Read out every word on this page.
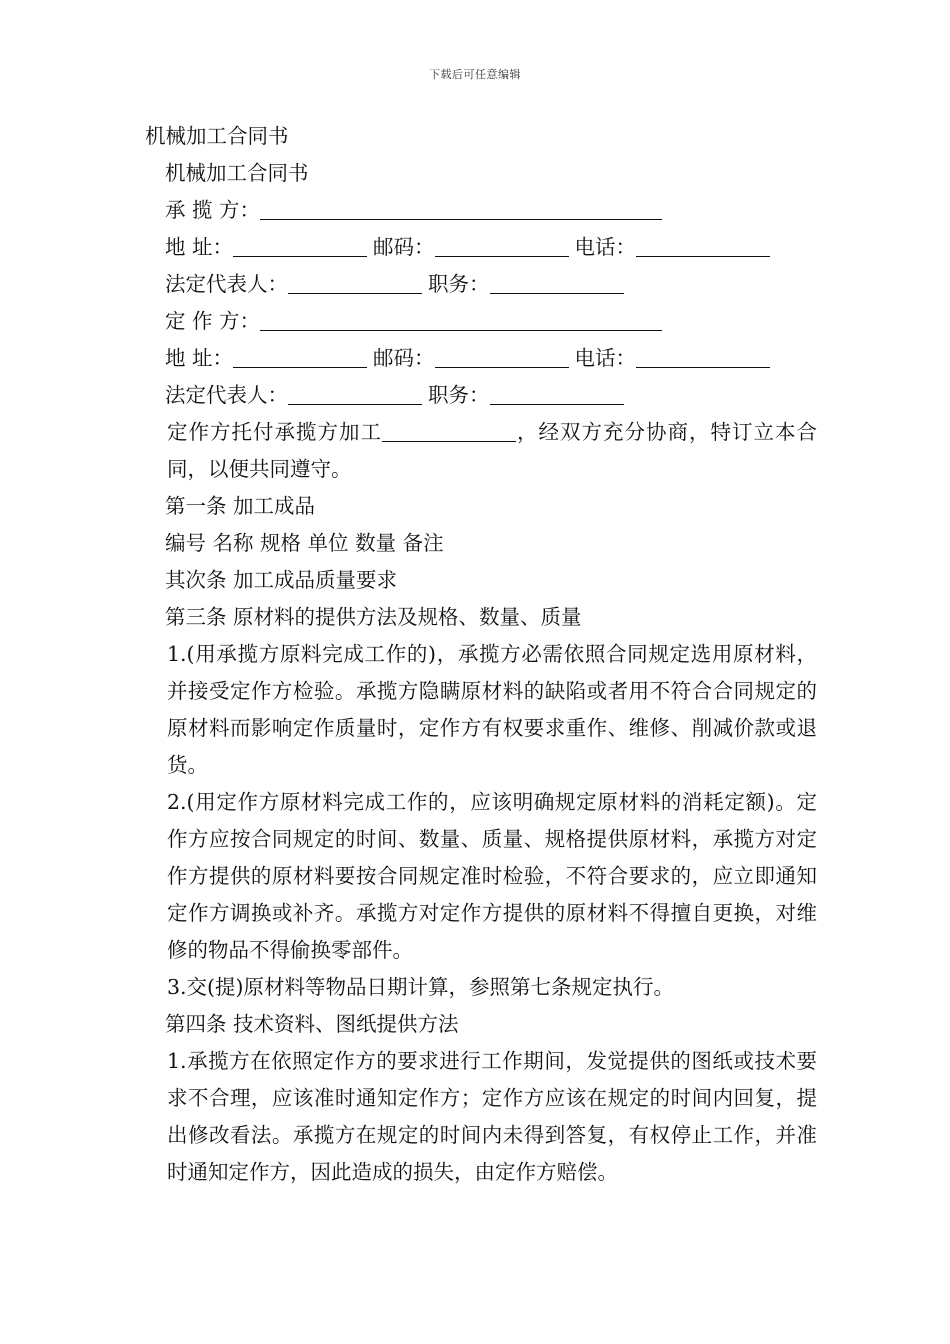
下载后可任意编辑
机械加工合同书
机械加工合同书
承 揽 方：
地 址：	邮码：	电话：
法定代表人：	职务：
定 作 方：
地 址：	邮码：	电话：
法定代表人：	职务：
定作方托付承揽方加工	，经双方充分协商，特订立本合同，以便共同遵守。
第一条 加工成品
编号 名称 规格 单位 数量 备注
其次条 加工成品质量要求
第三条 原材料的提供方法及规格、数量、质量
1.(用承揽方原料完成工作的)，承揽方必需依照合同规定选用原材料，并接受定作方检验。承揽方隐瞒原材料的缺陷或者用不符合合同规定的原材料而影响定作质量时，定作方有权要求重作、维修、削减价款或退货。
2.(用定作方原材料完成工作的，应该明确规定原材料的消耗定额)。定作方应按合同规定的时间、数量、质量、规格提供原材料，承揽方对定作方提供的原材料要按合同规定准时检验，不符合要求的，应立即通知定作方调换或补齐。承揽方对定作方提供的原材料不得擅自更换，对维修的物品不得偷换零部件。
3.交(提)原材料等物品日期计算，参照第七条规定执行。
第四条 技术资料、图纸提供方法
1.承揽方在依照定作方的要求进行工作期间，发觉提供的图纸或技术要求不合理，应该准时通知定作方；定作方应该在规定的时间内回复，提出修改看法。承揽方在规定的时间内未得到答复，有权停止工作，并准时通知定作方，因此造成的损失，由定作方赔偿。
